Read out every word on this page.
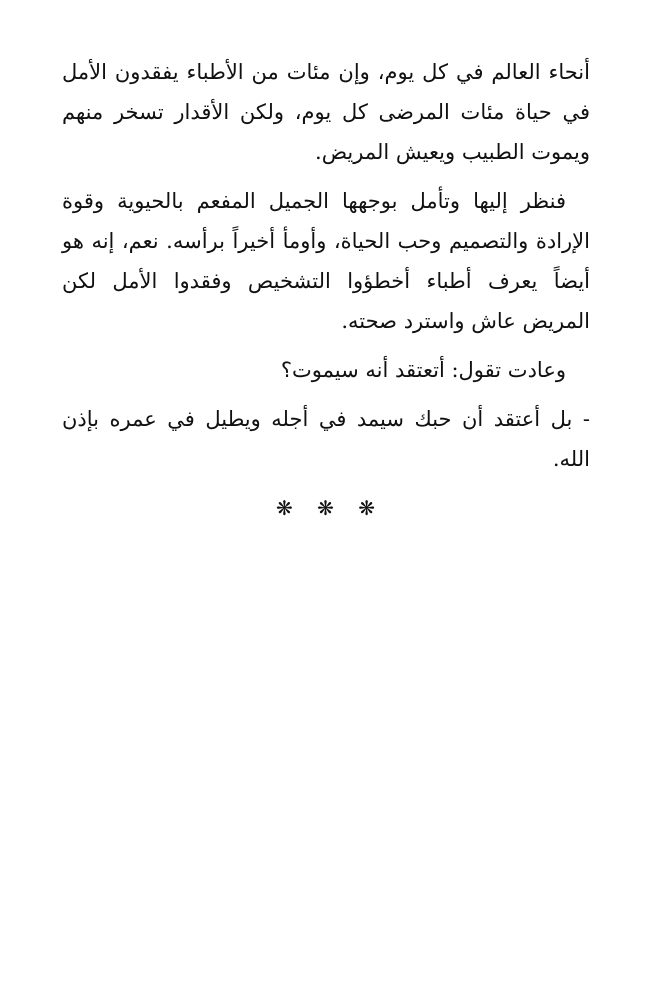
أنحاء العالم في كل يوم، وإن مئات من الأطباء يفقدون الأمل في حياة مئات المرضى كل يوم، ولكن الأقدار تسخر منهم ويموت الطبيب ويعيش المريض.

فنظر إليها وتأمل بوجهها الجميل المفعم بالحيوية وقوة الإرادة والتصميم وحب الحياة، وأومأ أخيراً برأسه. نعم، إنه هو أيضاً يعرف أطباء أخطؤوا التشخيص وفقدوا الأمل لكن المريض عاش واسترد صحته.

وعادت تقول: أتعتقد أنه سيموت؟

- بل أعتقد أن حبك سيمد في أجله ويطيل في عمره بإذن الله.

❋ ❋ ❋
